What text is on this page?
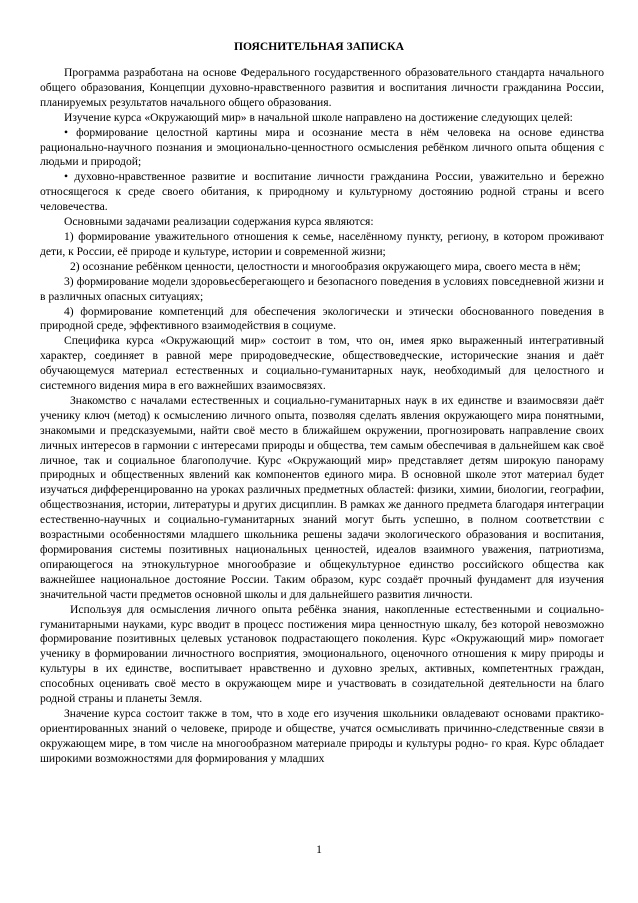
ПОЯСНИТЕЛЬНАЯ ЗАПИСКА

Программа разработана на основе Федерального государственного образовательного стандарта начального общего образования, Концепции духовно-нравственного развития и воспитания личности гражданина России, планируемых результатов начального общего образования.

Изучение курса «Окружающий мир» в начальной школе направлено на достижение следующих целей:

• формирование целостной картины мира и осознание места в нём человека на основе единства рационально-научного познания и эмоционально-ценностного осмысления ребёнком личного опыта общения с людьми и природой;

• духовно-нравственное развитие и воспитание личности гражданина России, уважительно и бережно относящегося к среде своего обитания, к природному и культурному достоянию родной страны и всего человечества.

Основными задачами реализации содержания курса являются:

1) формирование уважительного отношения к семье, населённому пункту, региону, в котором проживают дети, к России, её природе и культуре, истории и современной жизни;

2) осознание ребёнком ценности, целостности и многообразия окружающего мира, своего места в нём;

3) формирование модели здоровьесберегающего и безопасного поведения в условиях повседневной жизни и в различных опасных ситуациях;

4) формирование компетенций для обеспечения экологически и этически обоснованного поведения в природной среде, эффективного взаимодействия в социуме.

Специфика курса «Окружающий мир» состоит в том, что он, имея ярко выраженный интегративный характер, соединяет в равной мере природоведческие, обществоведческие, исторические знания и даёт обучающемуся материал естественных и социально-гуманитарных наук, необходимый для целостного и системного видения мира в его важнейших взаимосвязях.

Знакомство с началами естественных и социально-гуманитарных наук в их единстве и взаимосвязи даёт ученику ключ (метод) к осмыслению личного опыта, позволяя сделать явления окружающего мира понятными, знакомыми и предсказуемыми, найти своё место в ближайшем окружении, прогнозировать направление своих личных интересов в гармонии с интересами природы и общества, тем самым обеспечивая в дальнейшем как своё личное, так и социальное благополучие. Курс «Окружающий мир» представляет детям широкую панораму природных и общественных явлений как компонентов единого мира. В основной школе этот материал будет изучаться дифференцированно на уроках различных предметных областей: физики, химии, биологии, географии, обществознания, истории, литературы и других дисциплин. В рамках же данного предмета благодаря интеграции естественно-научных и социально-гуманитарных знаний могут быть успешно, в полном соответствии с возрастными особенностями младшего школьника решены задачи экологического образования и воспитания, формирования системы позитивных национальных ценностей, идеалов взаимного уважения, патриотизма, опирающегося на этнокультурное многообразие и общекультурное единство российского общества как важнейшее национальное достояние России. Таким образом, курс создаёт прочный фундамент для изучения значительной части предметов основной школы и для дальнейшего развития личности.

Используя для осмысления личного опыта ребёнка знания, накопленные естественными и социально-гуманитарными науками, курс вводит в процесс постижения мира ценностную шкалу, без которой невозможно формирование позитивных целевых установок подрастающего поколения. Курс «Окружающий мир» помогает ученику в формировании личностного восприятия, эмоционального, оценочного отношения к миру природы и культуры в их единстве, воспитывает нравственно и духовно зрелых, активных, компетентных граждан, способных оценивать своё место в окружающем мире и участвовать в созидательной деятельности на благо родной страны и планеты Земля.

Значение курса состоит также в том, что в ходе его изучения школьники овладевают основами практико-ориентированных знаний о человеке, природе и обществе, учатся осмысливать причинно-следственные связи в окружающем мире, в том числе на многообразном материале природы и культуры родно- го края. Курс обладает широкими возможностями для формирования у младших

1
